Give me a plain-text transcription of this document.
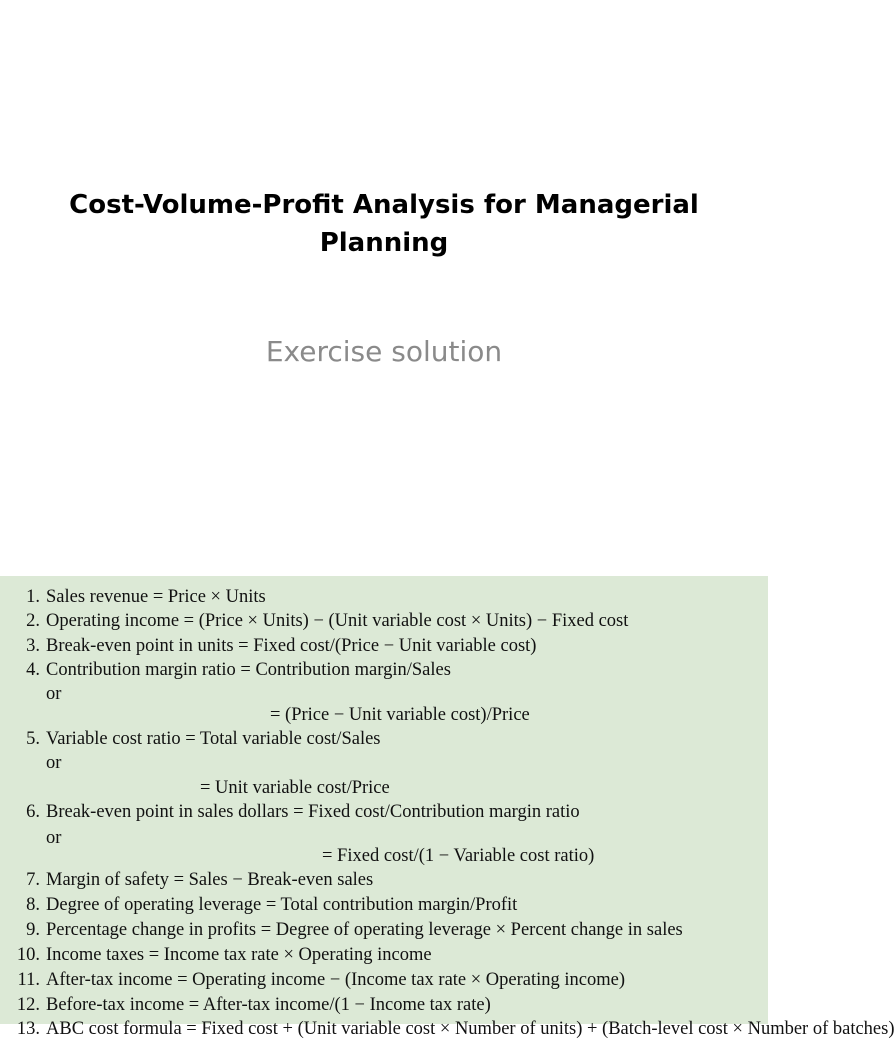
Cost-Volume-Profit Analysis for Managerial Planning
Exercise solution
1. Sales revenue = Price × Units
2. Operating income = (Price × Units) − (Unit variable cost × Units) − Fixed cost
3. Break-even point in units = Fixed cost/(Price − Unit variable cost)
4. Contribution margin ratio = Contribution margin/Sales
or
= (Price − Unit variable cost)/Price
5. Variable cost ratio = Total variable cost/Sales
or
= Unit variable cost/Price
6. Break-even point in sales dollars = Fixed cost/Contribution margin ratio
or
= Fixed cost/(1 − Variable cost ratio)
7. Margin of safety = Sales − Break-even sales
8. Degree of operating leverage = Total contribution margin/Profit
9. Percentage change in profits = Degree of operating leverage × Percent change in sales
10. Income taxes = Income tax rate × Operating income
11. After-tax income = Operating income − (Income tax rate × Operating income)
12. Before-tax income = After-tax income/(1 − Income tax rate)
13. ABC cost formula = Fixed cost + (Unit variable cost × Number of units) + (Batch-level cost × Number of batches)
